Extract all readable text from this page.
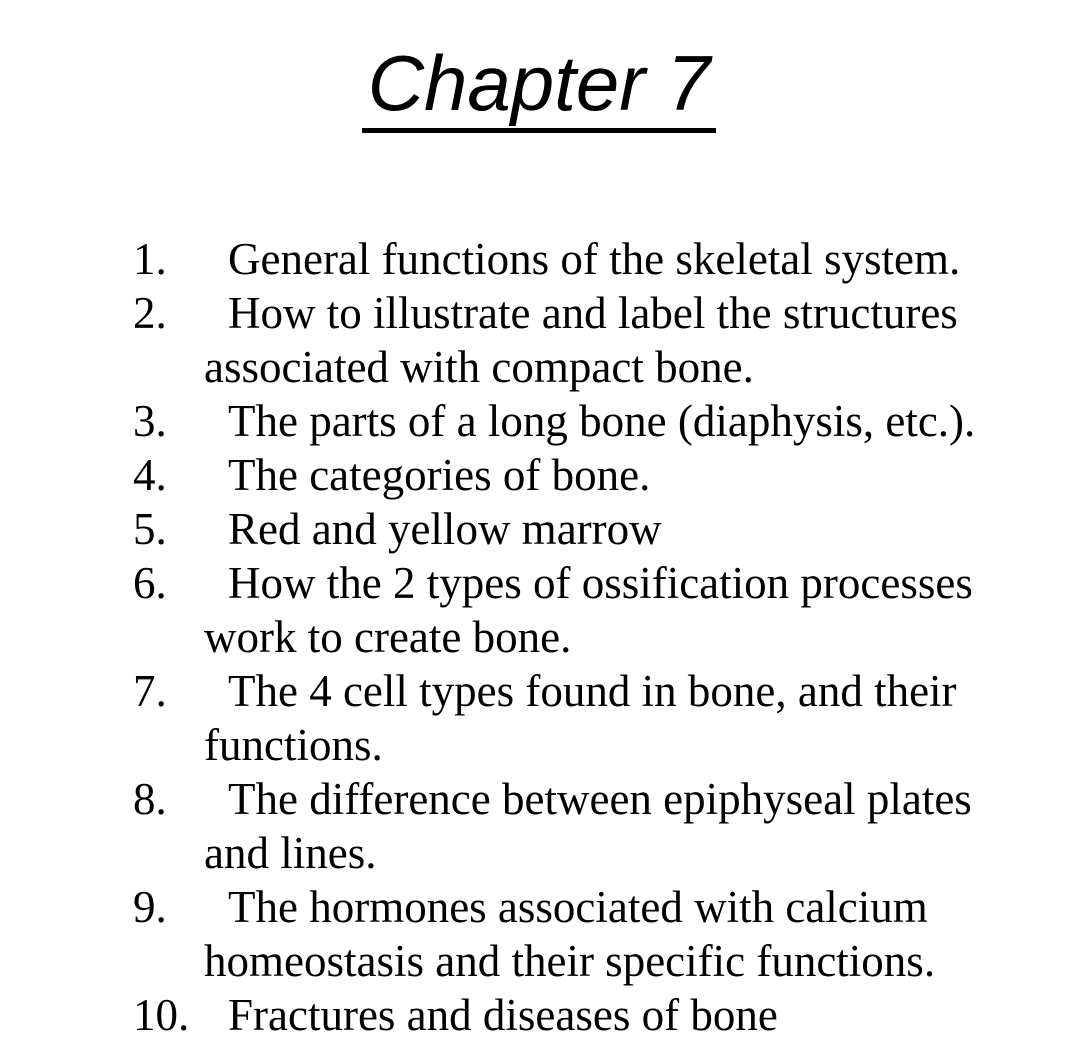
Chapter 7
1.	General functions of the skeletal system.
2.	How to illustrate and label the structures
associated with compact bone.
3.	The parts of a long bone (diaphysis, etc.).
4.	The categories of bone.
5.	Red and yellow marrow
6.	How the 2 types of ossification processes
work to create bone.
7.	The 4 cell types found in bone, and their
functions.
8.	The difference between epiphyseal plates
and lines.
9.	The hormones associated with calcium
homeostasis and their specific functions.
10. Fractures and diseases of bone
